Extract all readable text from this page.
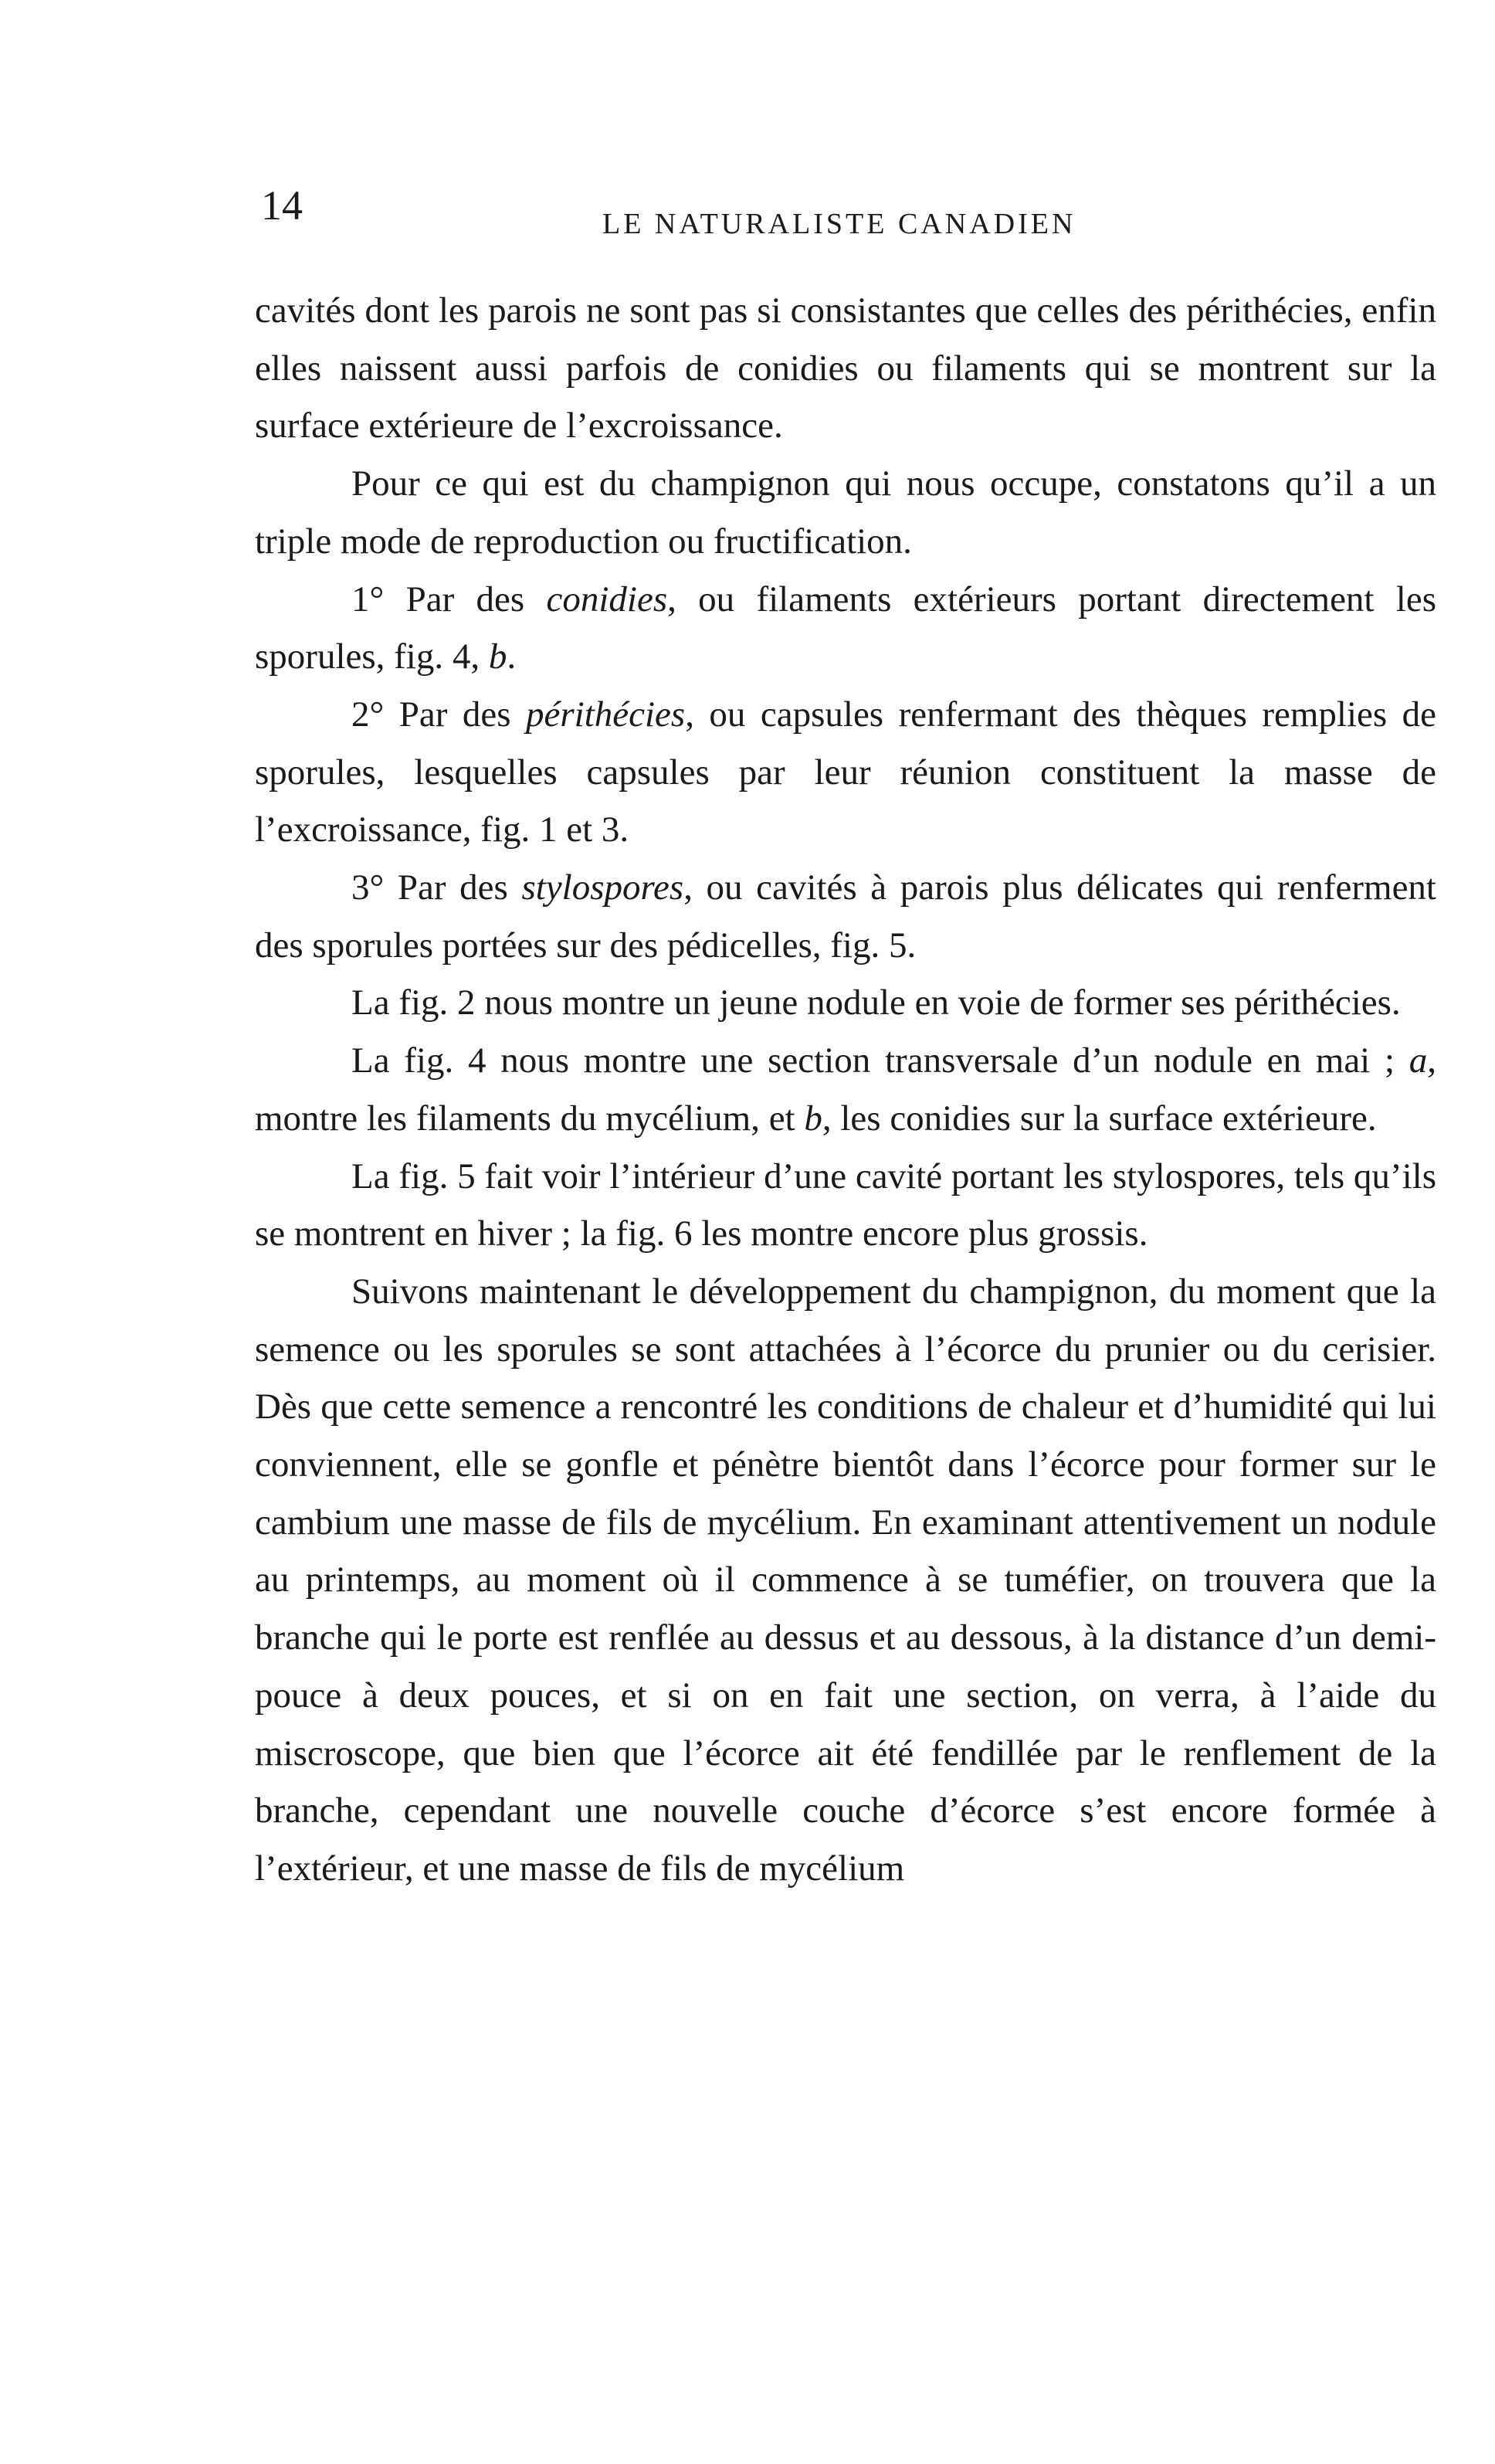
14	LE NATURALISTE CANADIEN

cavités dont les parois ne sont pas si consistantes que celles des périthécies, enfin elles naissent aussi parfois de conidies ou filaments qui se montrent sur la surface extérieure de l’excroissance.

Pour ce qui est du champignon qui nous occupe, constatons qu’il a un triple mode de reproduction ou fructification.

1° Par des conidies, ou filaments extérieurs portant directement les sporules, fig. 4, b.

2° Par des périthécies, ou capsules renfermant des thèques remplies de sporules, lesquelles capsules par leur réunion constituent la masse de l’excroissance, fig. 1 et 3.

3° Par des stylospores, ou cavités à parois plus délicates qui renferment des sporules portées sur des pédicelles, fig. 5.

La fig. 2 nous montre un jeune nodule en voie de former ses périthécies.

La fig. 4 nous montre une section transversale d’un nodule en mai ; a, montre les filaments du mycélium, et b, les conidies sur la surface extérieure.

La fig. 5 fait voir l’intérieur d’une cavité portant les stylospores, tels qu’ils se montrent en hiver ; la fig. 6 les montre encore plus grossis.

Suivons maintenant le développement du champignon, du moment que la semence ou les sporules se sont attachées à l’écorce du prunier ou du cerisier. Dès que cette semence a rencontré les conditions de chaleur et d’humidité qui lui conviennent, elle se gonfle et pénètre bientôt dans l’écorce pour former sur le cambium une masse de fils de mycélium. En examinant attentivement un nodule au printemps, au moment où il commence à se tuméfier, on trouvera que la branche qui le porte est renflée au dessus et au dessous, à la distance d’un demi-pouce à deux pouces, et si on en fait une section, on verra, à l’aide du miscroscope, que bien que l’écorce ait été fendillée par le renflement de la branche, cependant une nouvelle couche d’écorce s’est encore formée à l’extérieur, et une masse de fils de mycélium
